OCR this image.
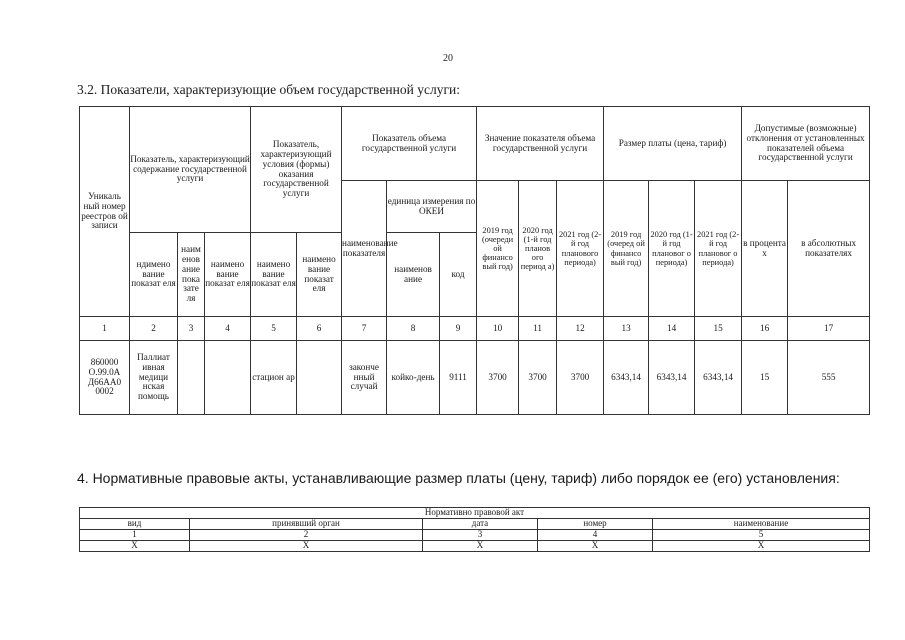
20
3.2. Показатели, характеризующие объем государственной услуги:
Уникаль ный номер реестров ой записи	Показатель, характеризующий содержание государственной услуги			Показатель, характеризующий условия (формы) оказания государственной услуги		Показатель объема государственной услуги			Значение показателя объема государственной услуги			Размер платы (цена, тариф)			Допустимые (возможные) отклонения от установленных показателей объема государственной услуги	
						наименование показателя	единица измерения по ОКЕИ		2019 год (очереди ой финансо вый год)	2020 год (1-й год планов ого период а)	2021 год (2-й год планового периода)	2019 год (очеред ой финансо вый год)	2020 год (1-й год плановог о периода)	2021 год (2-й год плановог о периода)	в процента х	в абсолютных показателях
	ндимено вание показат еля	наим енов ание пока зате ля	наимено вание показат еля	наимено вание показат еля	наимено вание показат еля		наименов ание	код								
1	2	3	4	5	6	7	8	9	10	11	12	13	14	15	16	17
860000 О.99.0А Д66АА0 0002	Паллиат ивная медици нская помощь			стацион ар		закончe нный случай	койко-день	9111	3700	3700	3700	6343,14	6343,14	6343,14	15	555
4. Нормативные правовые акты, устанавливающие размер платы (цену, тариф) либо порядок ее (его) установления:
Нормативно правовой акт				
вид	принявший орган	дата	номер	наименование
1	2	3	4	5
Х	Х	Х	Х	Х
